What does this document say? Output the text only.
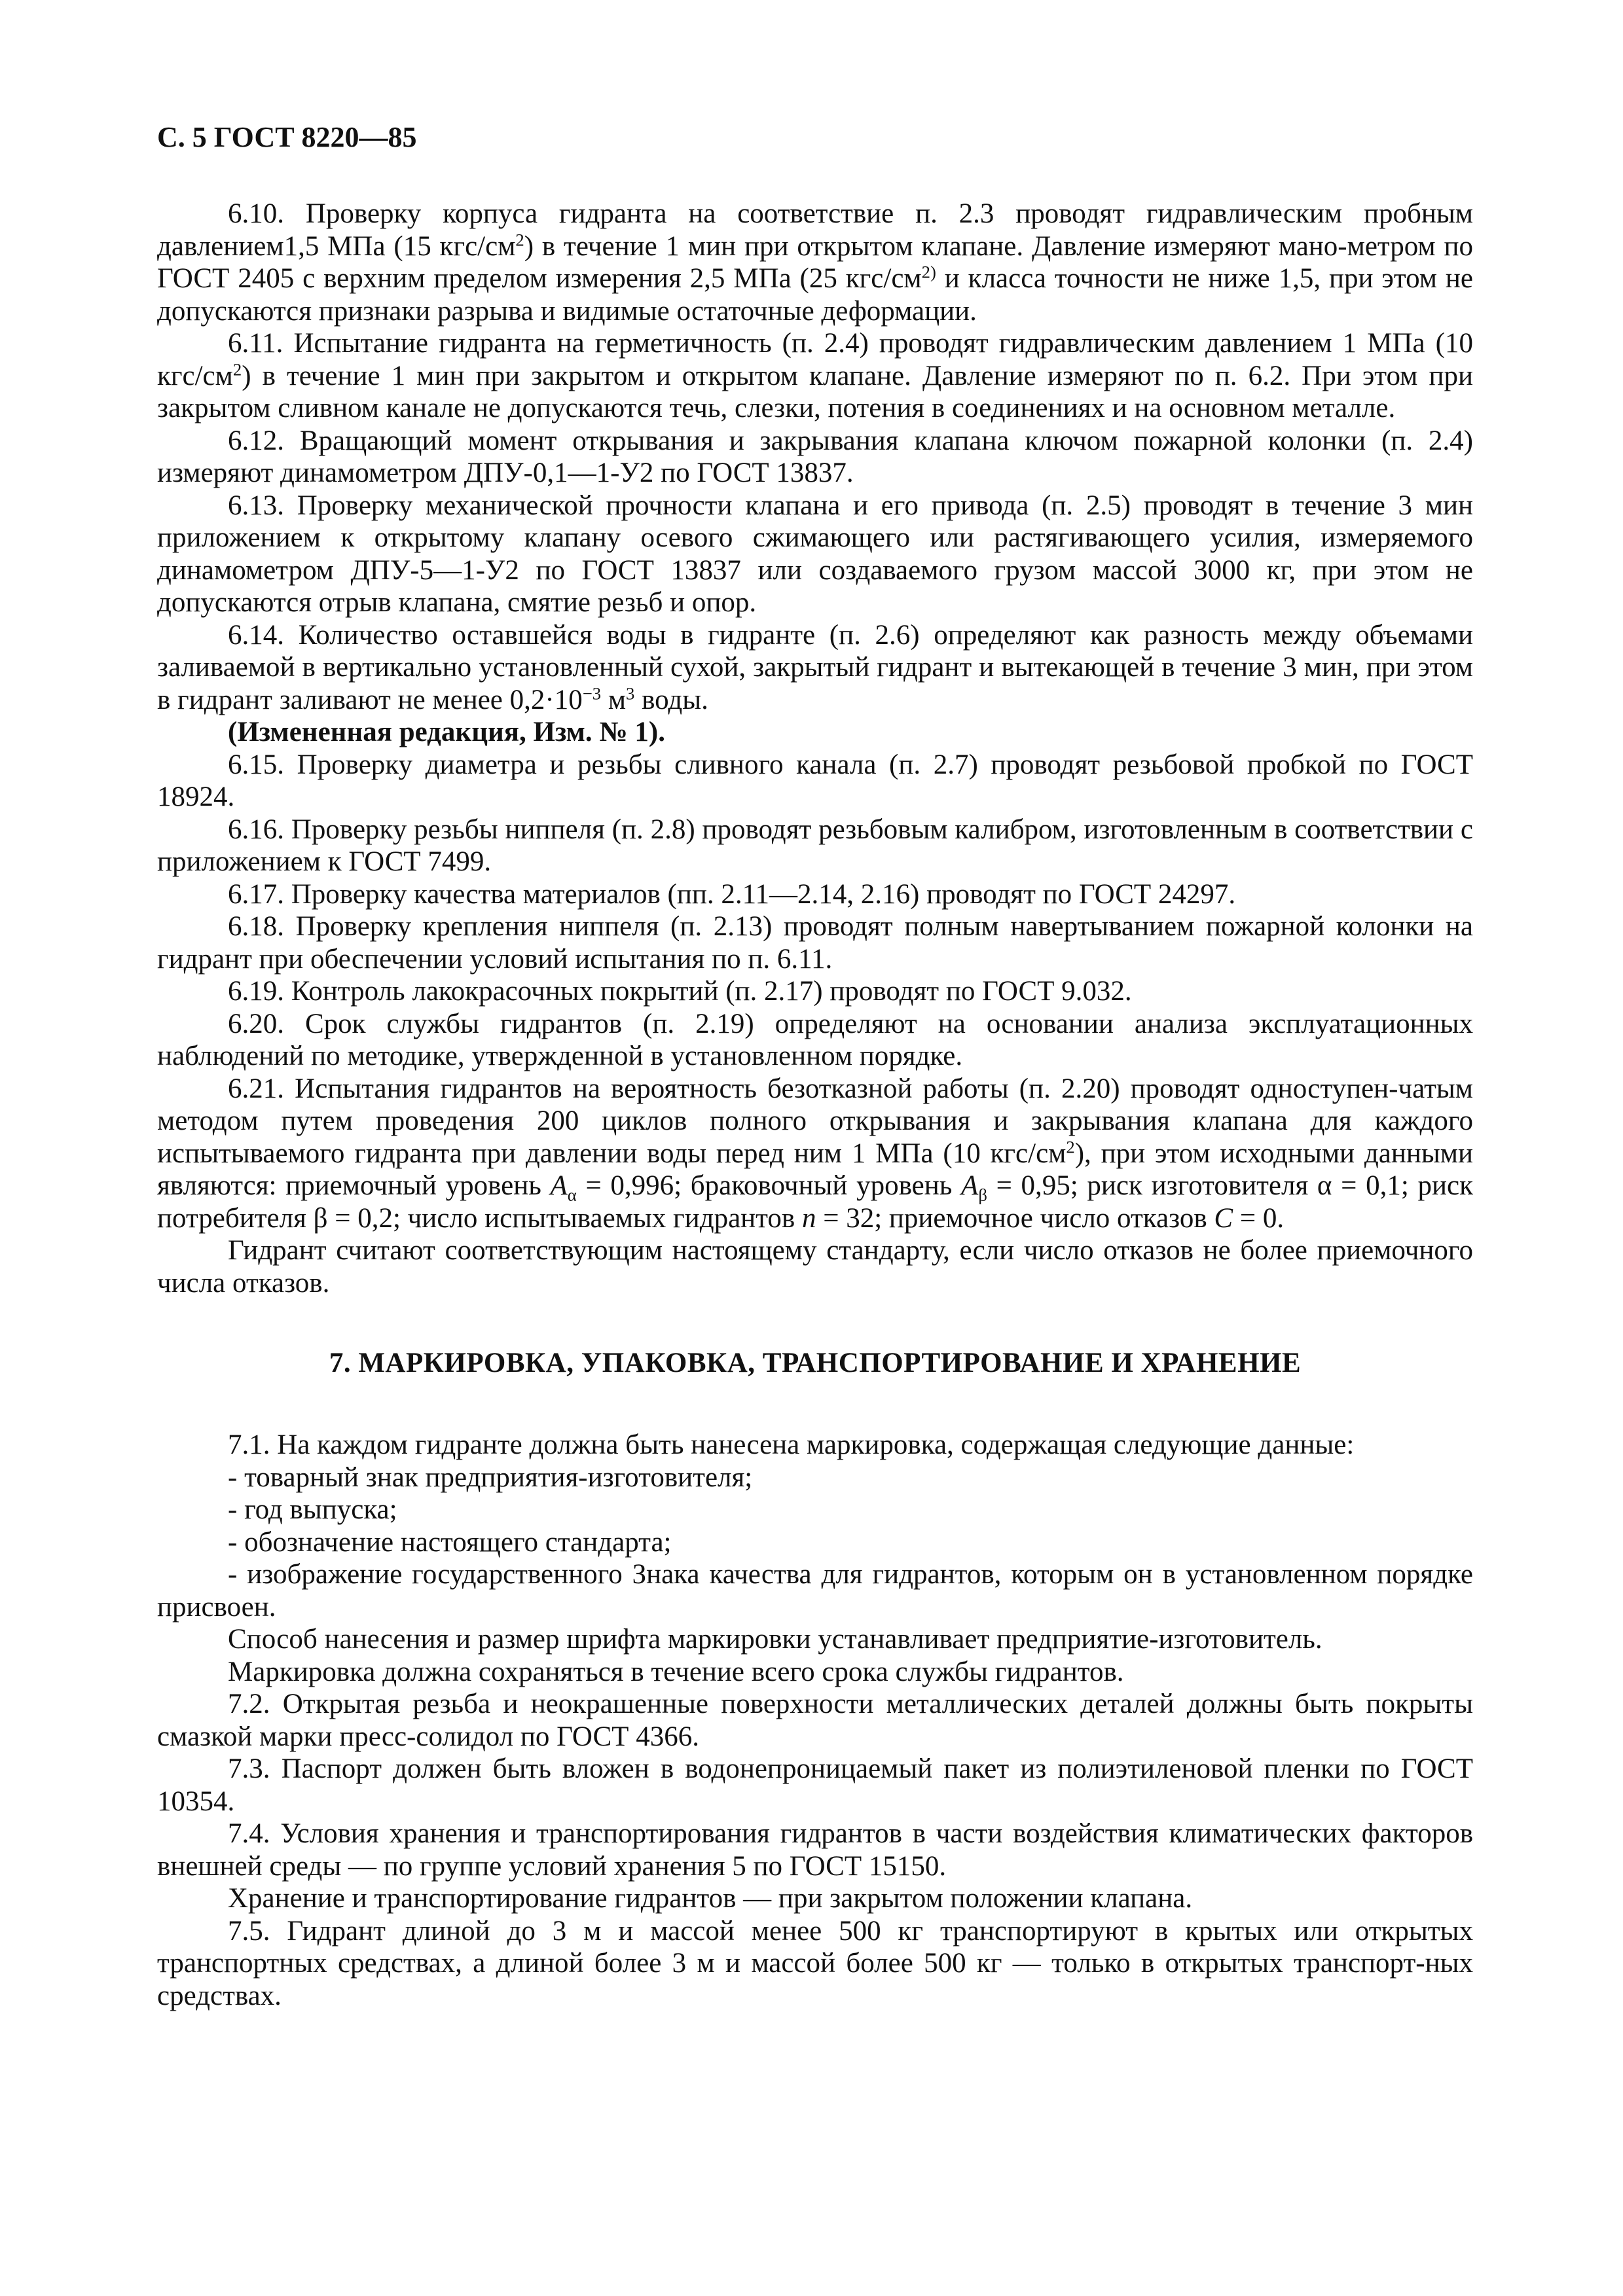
С. 5 ГОСТ 8220—85

6.10. Проверку корпуса гидранта на соответствие п. 2.3 проводят гидравлическим пробным давлением1,5 МПа (15 кгс/$см^2$) в течение 1 мин при открытом клапане. Давление измеряют мано-метром по ГОСТ 2405 с верхним пределом измерения 2,5 МПа (25 кгс/$см^{2)}$ и класса точности не ниже 1,5, при этом не допускаются признаки разрыва и видимые остаточные деформации.

6.11. Испытание гидранта на герметичность (п. 2.4) проводят гидравлическим давлением 1 МПа (10 кгс/$см^2$) в течение 1 мин при закрытом и открытом клапане. Давление измеряют по п. 6.2. При этом при закрытом сливном канале не допускаются течь, слезки, потения в соединениях и на основном металле.

6.12. Вращающий момент открывания и закрывания клапана ключом пожарной колонки (п. 2.4) измеряют динамометром ДПУ-0,1—1-У2 по ГОСТ 13837.

6.13. Проверку механической прочности клапана и его привода (п. 2.5) проводят в течение 3 мин приложением к открытому клапану осевого сжимающего или растягивающего усилия, измеряемого динамометром ДПУ-5—1-У2 по ГОСТ 13837 или создаваемого грузом массой 3000 кг, при этом не допускаются отрыв клапана, смятие резьб и опор.

6.14. Количество оставшейся воды в гидранте (п. 2.6) определяют как разность между объемами заливаемой в вертикально установленный сухой, закрытый гидрант и вытекающей в течение 3 мин, при этом в гидрант заливают не менее $0,2\cdot 10^{-3}$ $м^3$ воды.

(Измененная редакция, Изм. № 1).

6.15. Проверку диаметра и резьбы сливного канала (п. 2.7) проводят резьбовой пробкой по ГОСТ 18924.

6.16. Проверку резьбы ниппеля (п. 2.8) проводят резьбовым калибром, изготовленным в соответствии с приложением к ГОСТ 7499.

6.17. Проверку качества материалов (пп. 2.11—2.14, 2.16) проводят по ГОСТ 24297.

6.18. Проверку крепления ниппеля (п. 2.13) проводят полным навертыванием пожарной колонки на гидрант при обеспечении условий испытания по п. 6.11.

6.19. Контроль лакокрасочных покрытий (п. 2.17) проводят по ГОСТ 9.032.

6.20. Срок службы гидрантов (п. 2.19) определяют на основании анализа эксплуатационных наблюдений по методике, утвержденной в установленном порядке.

6.21. Испытания гидрантов на вероятность безотказной работы (п. 2.20) проводят одноступен-чатым методом путем проведения 200 циклов полного открывания и закрывания клапана для каждого испытываемого гидранта при давлении воды перед ним 1 МПа (10 кгс/$см^2$), при этом исходными данными являются: приемочный уровень $A_\alpha = 0,996$; браковочный уровень $A_\beta = 0,95$; риск изготовителя α = 0,1; риск потребителя β = 0,2; число испытываемых гидрантов n = 32; приемочное число отказов C = 0.

Гидрант считают соответствующим настоящему стандарту, если число отказов не более приемочного числа отказов.

7. МАРКИРОВКА, УПАКОВКА, ТРАНСПОРТИРОВАНИЕ И ХРАНЕНИЕ

7.1. На каждом гидранте должна быть нанесена маркировка, содержащая следующие данные:

- товарный знак предприятия-изготовителя;

- год выпуска;

- обозначение настоящего стандарта;

- изображение государственного Знака качества для гидрантов, которым он в установленном порядке присвоен.

Способ нанесения и размер шрифта маркировки устанавливает предприятие-изготовитель.

Маркировка должна сохраняться в течение всего срока службы гидрантов.

7.2. Открытая резьба и неокрашенные поверхности металлических деталей должны быть покрыты смазкой марки пресс-солидол по ГОСТ 4366.

7.3. Паспорт должен быть вложен в водонепроницаемый пакет из полиэтиленовой пленки по ГОСТ 10354.

7.4. Условия хранения и транспортирования гидрантов в части воздействия климатических факторов внешней среды — по группе условий хранения 5 по ГОСТ 15150.

Хранение и транспортирование гидрантов — при закрытом положении клапана.

7.5. Гидрант длиной до 3 м и массой менее 500 кг транспортируют в крытых или открытых транспортных средствах, а длиной более 3 м и массой более 500 кг — только в открытых транспорт-ных средствах.
